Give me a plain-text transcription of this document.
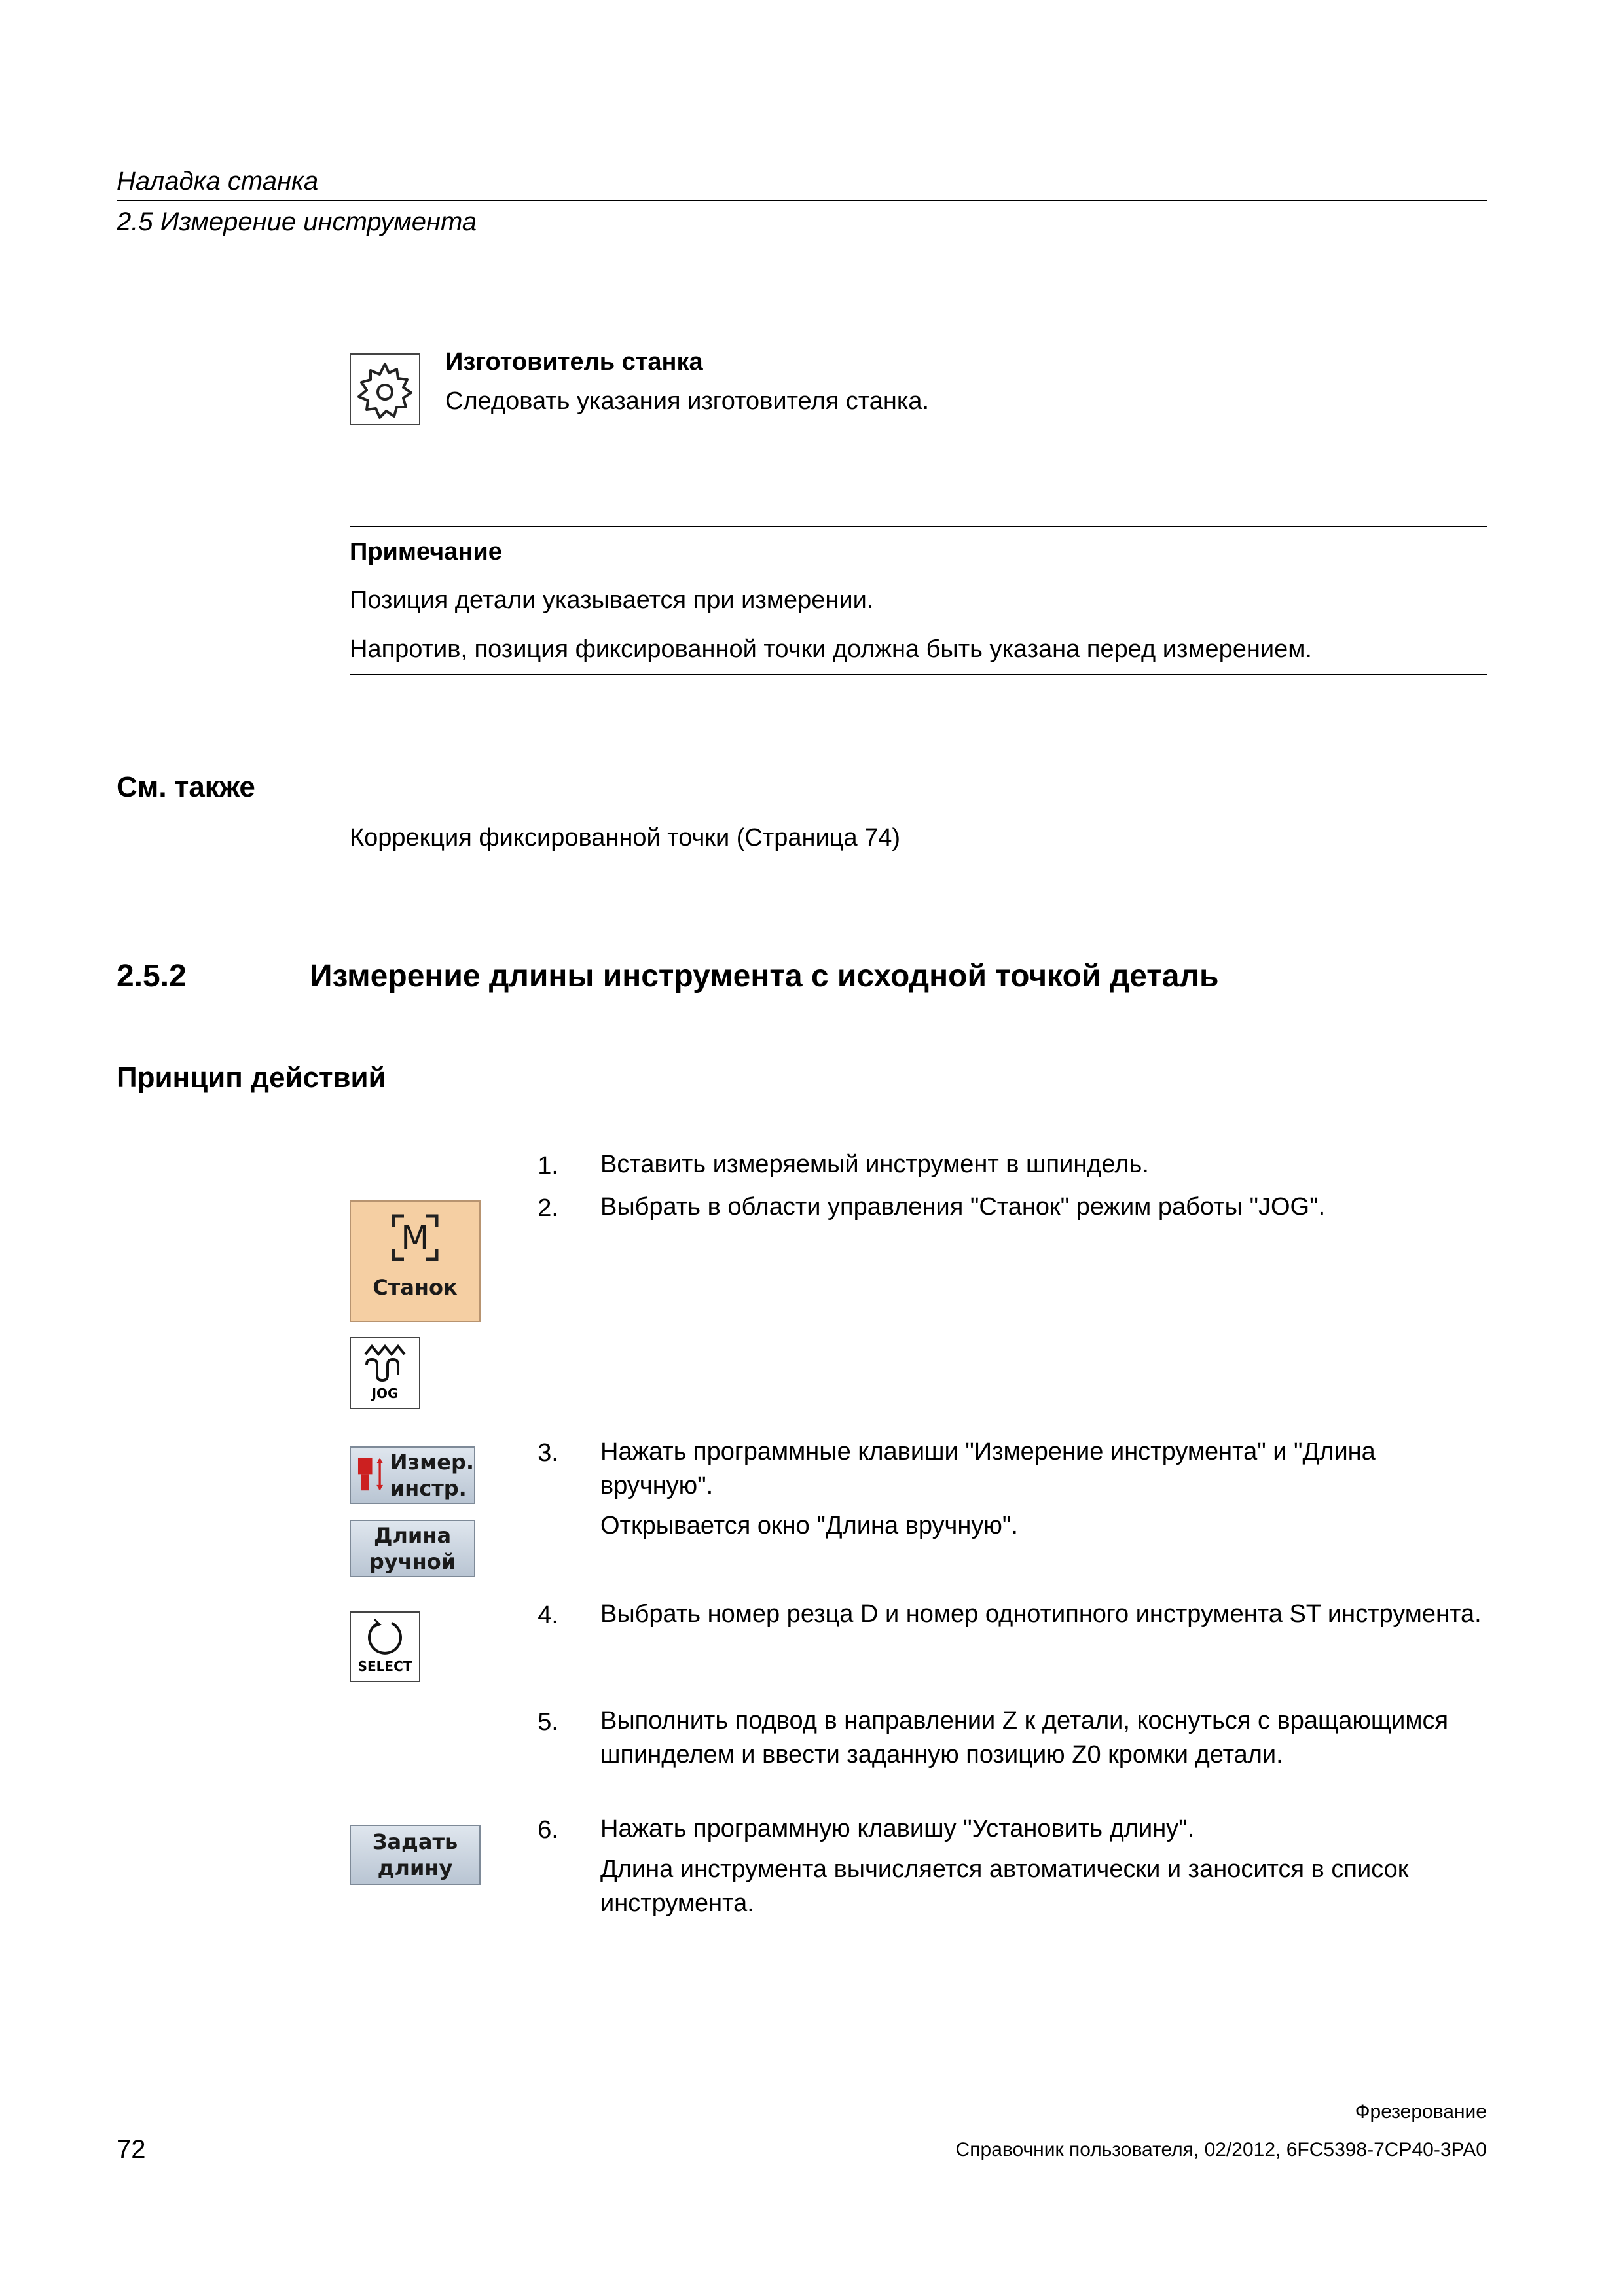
Наладка станка
2.5 Измерение инструмента
Изготовитель станка
Следовать указания изготовителя станка.
Примечание
Позиция детали указывается при измерении.
Напротив, позиция фиксированной точки должна быть указана перед измерением.
См. также
Коррекция фиксированной точки (Страница 74)
2.5.2	Измерение длины инструмента с исходной точкой деталь
Принцип действий
1. Вставить измеряемый инструмент в шпиндель.
2. Выбрать в области управления "Станок" режим работы "JOG".
M
Станок
JOG
3. Нажать программные клавиши "Измерение инструмента" и "Длина вручную".
Открывается окно "Длина вручную".
Измер.
инстр.
Длина
ручной
4. Выбрать номер резца D и номер однотипного инструмента ST инструмента.
SELECT
5. Выполнить подвод в направлении Z к детали, коснуться с вращающимся шпинделем и ввести заданную позицию Z0 кромки детали.
6. Нажать программную клавишу "Установить длину".
Длина инструмента вычисляется автоматически и заносится в список инструмента.
Задать
длину
Фрезерование
72	Справочник пользователя, 02/2012, 6FC5398-7CP40-3PA0
